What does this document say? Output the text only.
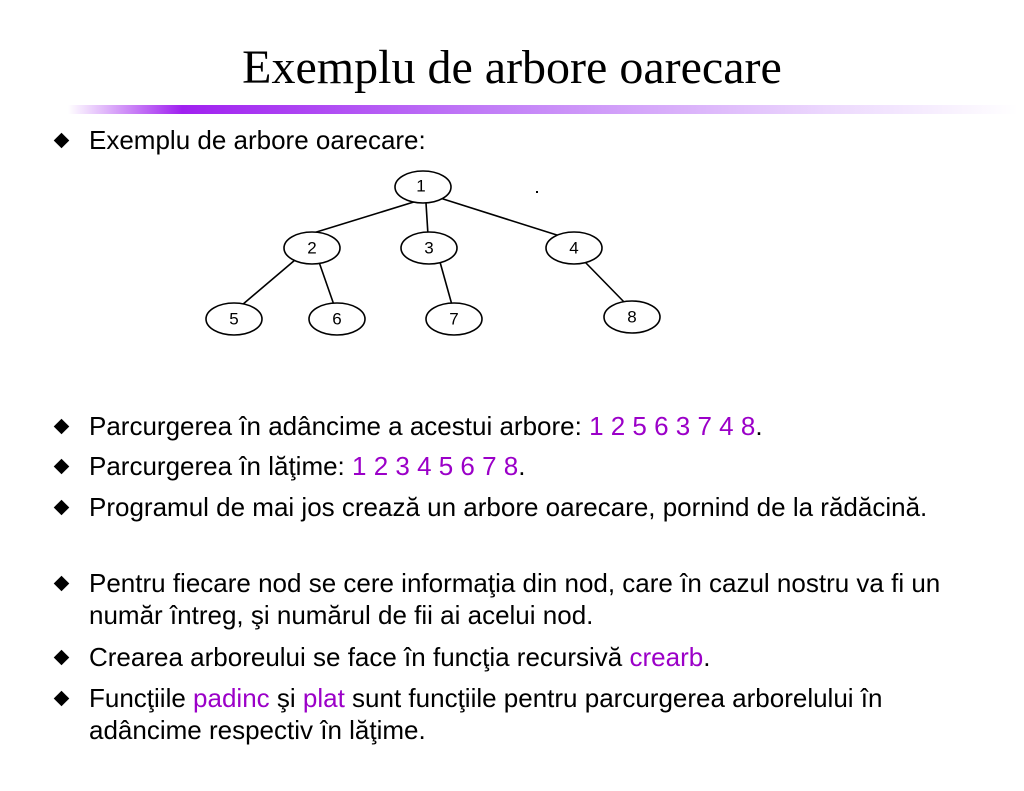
Exemplu de arbore oarecare
Exemplu de arbore oarecare:
Parcurgerea în adâncime a acestui arbore: 1 2 5 6 3 7 4 8.
Parcurgerea în lăţime: 1 2 3 4 5 6 7 8.
Programul de mai jos crează un arbore oarecare, pornind de la rădăcină.
Pentru fiecare nod se cere informaţia din nod, care în cazul nostru va fi un număr întreg, şi numărul de fii ai acelui nod.
Crearea arboreului se face în funcţia recursivă crearb.
Funcţiile padinc şi plat sunt funcţiile pentru parcurgerea arborelului în adâncime respectiv în lăţime.
1
2	3	4
5	6	7	8
